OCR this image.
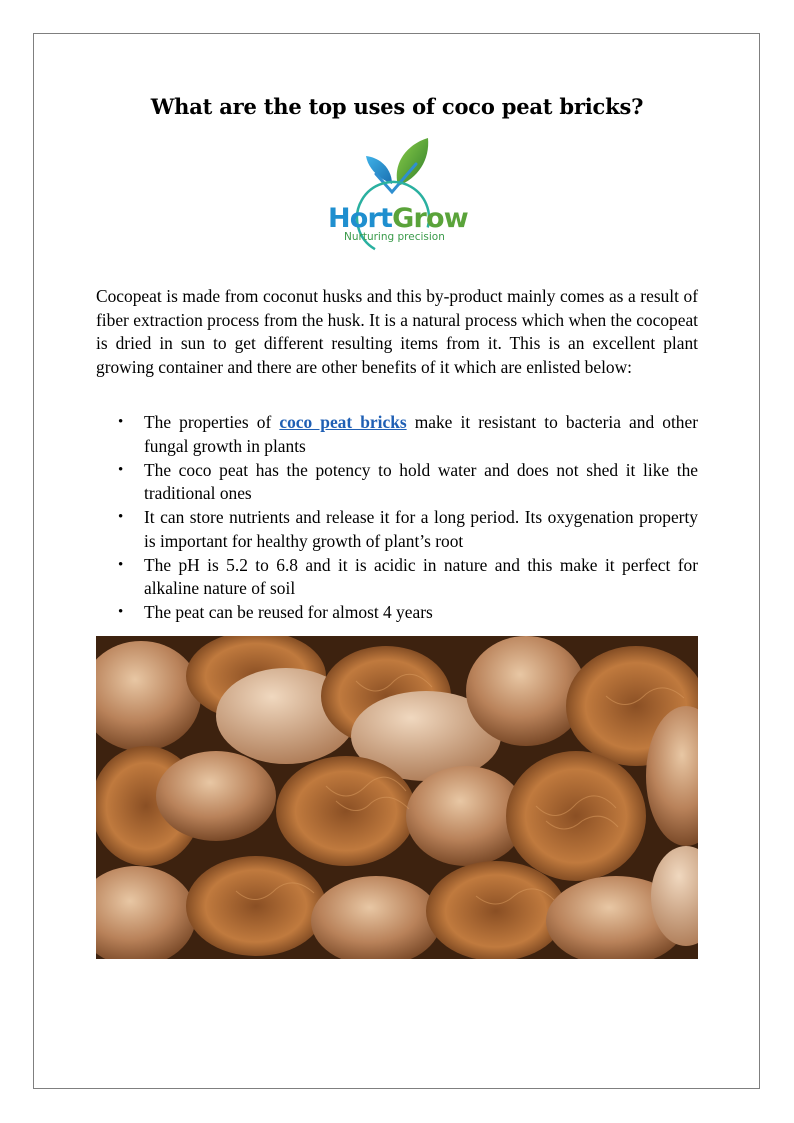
What are the top uses of coco peat bricks?
HortGrow
Nurturing precision

Cocopeat is made from coconut husks and this by-product mainly comes as a result of fiber extraction process from the husk. It is a natural process which when the cocopeat is dried in sun to get different resulting items from it. This is an excellent plant growing container and there are other benefits of it which are enlisted below:

• The properties of coco peat bricks make it resistant to bacteria and other fungal growth in plants
• The coco peat has the potency to hold water and does not shed it like the traditional ones
• It can store nutrients and release it for a long period. Its oxygenation property is important for healthy growth of plant’s root
• The pH is 5.2 to 6.8 and it is acidic in nature and this make it perfect for alkaline nature of soil
• The peat can be reused for almost 4 years
